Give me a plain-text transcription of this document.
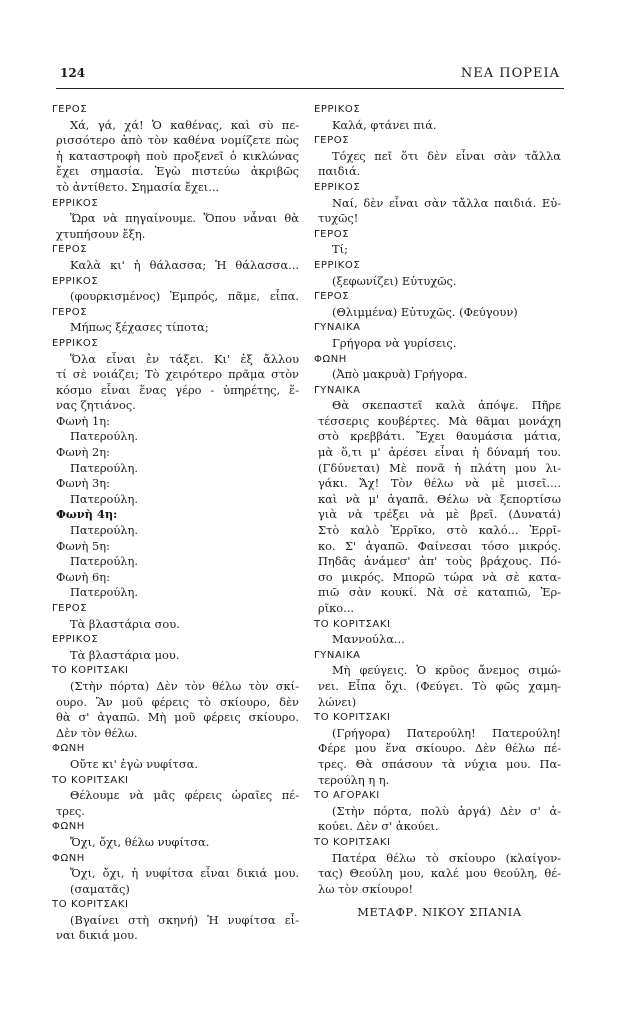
124	ΝΕΑ ΠΟΡΕΙΑ
ΓΕΡΟΣ
Χά, γά, χά! Ὁ καθένας, καὶ σὺ πε-
ρισσότερο ἀπὸ τὸν καθένα νομίζετε πὼς
ἡ καταστροφὴ ποὺ προξενεῖ ὁ κικλώνας
ἔχει σημασία. Ἐγὼ πιστεύω ἀκριβῶς
τὸ ἀντίθετο. Σημασία ἔχει...
ΕΡΡΙΚΟΣ
Ὥρα νὰ πηγαίνουμε. Ὅπου νἆναι θὰ
χτυπήσουν ἔξη.
ΓΕΡΟΣ
Καλὰ κι' ἡ θάλασσα; Ἡ θάλασσα...
ΕΡΡΙΚΟΣ
(φουρκισμένος) Ἐμπρός, πᾶμε, εἶπα.
ΓΕΡΟΣ
Μήπως ξέχασες τίποτα;
ΕΡΡΙΚΟΣ
Ὅλα εἶναι ἐν τάξει. Κι' ἐξ ἄλλου
τί σὲ νοιάζει; Τὸ χειρότερο πρᾶμα στὸν
κόσμο εἶναι ἕνας γέρο - ὑπηρέτης, ἕ-
νας ζητιάνος.
Φωνὴ 1η:
Πατερούλη.
Φωνὴ 2η:
Πατερούλη.
Φωνὴ 3η:
Πατερούλη.
Φωνὴ 4η:
Πατερούλη.
Φωνὴ 5η:
Πατερούλη.
Φωνὴ 6η:
Πατερούλη.
ΓΕΡΟΣ
Τὰ βλαστάρια σου.
ΕΡΡΙΚΟΣ
Τὰ βλαστάρια μου.
ΤΟ ΚΟΡΙΤΣΑΚΙ
(Στὴν πόρτα) Δὲν τὸν θέλω τὸν σκί-
ουρο. Ἂν μοῦ φέρεις τὸ σκίουρο, δὲν
θὰ σ' ἀγαπῶ. Μὴ μοῦ φέρεις σκίουρο.
Δὲν τὸν θέλω.
ΦΩΝΗ
Οὔτε κι' ἐγὼ νυφίτσα.
ΤΟ ΚΟΡΙΤΣΑΚΙ
Θέλουμε νὰ μᾶς φέρεις ὡραῖες πέ-
τρες.
ΦΩΝΗ
Ὄχι, ὄχι, θέλω νυφίτσα.
ΦΩΝΗ
Ὄχι, ὄχι, ἡ νυφίτσα εἶναι δικιά μου.
(σαματᾶς)
ΤΟ ΚΟΡΙΤΣΑΚΙ
(Βγαίνει στὴ σκηνή) Ἡ νυφίτσα εἶ-
ναι δικιά μου.
ΕΡΡΙΚΟΣ
Καλά, φτάνει πιά.
ΓΕΡΟΣ
Τόχες πεῖ ὅτι δὲν εἶναι σὰν τἄλλα
παιδιά.
ΕΡΡΙΚΟΣ
Ναί, δὲν εἶναι σὰν τἄλλα παιδιά. Εὐ-
τυχῶς!
ΓΕΡΟΣ
Τί;
ΕΡΡΙΚΟΣ
(ξεφωνίζει) Εὐτυχῶς.
ΓΕΡΟΣ
(Θλιμμένα) Εὐτυχῶς. (Φεύγουν)
ΓΥΝΑΙΚΑ
Γρήγορα νὰ γυρίσεις.
ΦΩΝΗ
(Ἀπὸ μακρυὰ) Γρήγορα.
ΓΥΝΑΙΚΑ
Θὰ σκεπαστεῖ καλὰ ἀπόψε. Πῆρε
τέσσερις κουβέρτες. Μὰ θᾶμαι μονάχη
στὸ κρεββάτι. Ἔχει θαυμάσια μάτια,
μὰ ὅ,τι μ' ἀρέσει εἶναι ἡ δύναμή του.
(Γδύνεται) Μὲ πονᾶ ἡ πλάτη μου λι-
γάκι. Ἄχ! Τὸν θέλω νὰ μὲ μισεῖ....
καὶ νὰ μ' ἀγαπᾶ. Θέλω νὰ ξεπορτίσω
γιὰ νὰ τρέξει νὰ μὲ βρεῖ. (Δυνατά)
Στὸ καλὸ Ἐρρῖκο, στὸ καλό... Ἐρρῖ-
κο. Σ' ἀγαπῶ. Φαίνεσαι τόσο μικρός.
Πηδᾶς ἀνάμεσ' ἀπ' τοὺς βράχους. Πό-
σο μικρός. Μπορῶ τώρα νὰ σὲ κατα-
πιῶ σὰν κουκί. Νὰ σὲ καταπιῶ, Ἐρ-
ρῖκο...
ΤΟ ΚΟΡΙΤΣΑΚΙ
Μαννούλα...
ΓΥΝΑΙΚΑ
Μὴ φεύγεις. Ὁ κρῦος ἄνεμος σιμώ-
νει. Εἶπα ὄχι. (Φεύγει. Τὸ φῶς χαμη-
λώνει)
ΤΟ ΚΟΡΙΤΣΑΚΙ
(Γρήγορα) Πατερούλη! Πατερούλη!
Φέρε μου ἕνα σκίουρο. Δὲν θέλω πέ-
τρες. Θὰ σπάσουν τὰ νύχια μου. Πα-
τερούλη η η.
ΤΟ ΑΓΟΡΑΚΙ
(Στὴν πόρτα, πολὺ ἀργά) Δὲν σ' ἀ-
κούει. Δὲν σ' ἀκούει.
ΤΟ ΚΟΡΙΤΣΑΚΙ
Πατέρα θέλω τὸ σκίουρο (κλαίγον-
τας) Θεούλη μου, καλέ μου θεούλη, θέ-
λω τὸν σκίουρο!
ΜΕΤΑΦΡ. ΝΙΚΟΥ ΣΠΑΝΙΑ
